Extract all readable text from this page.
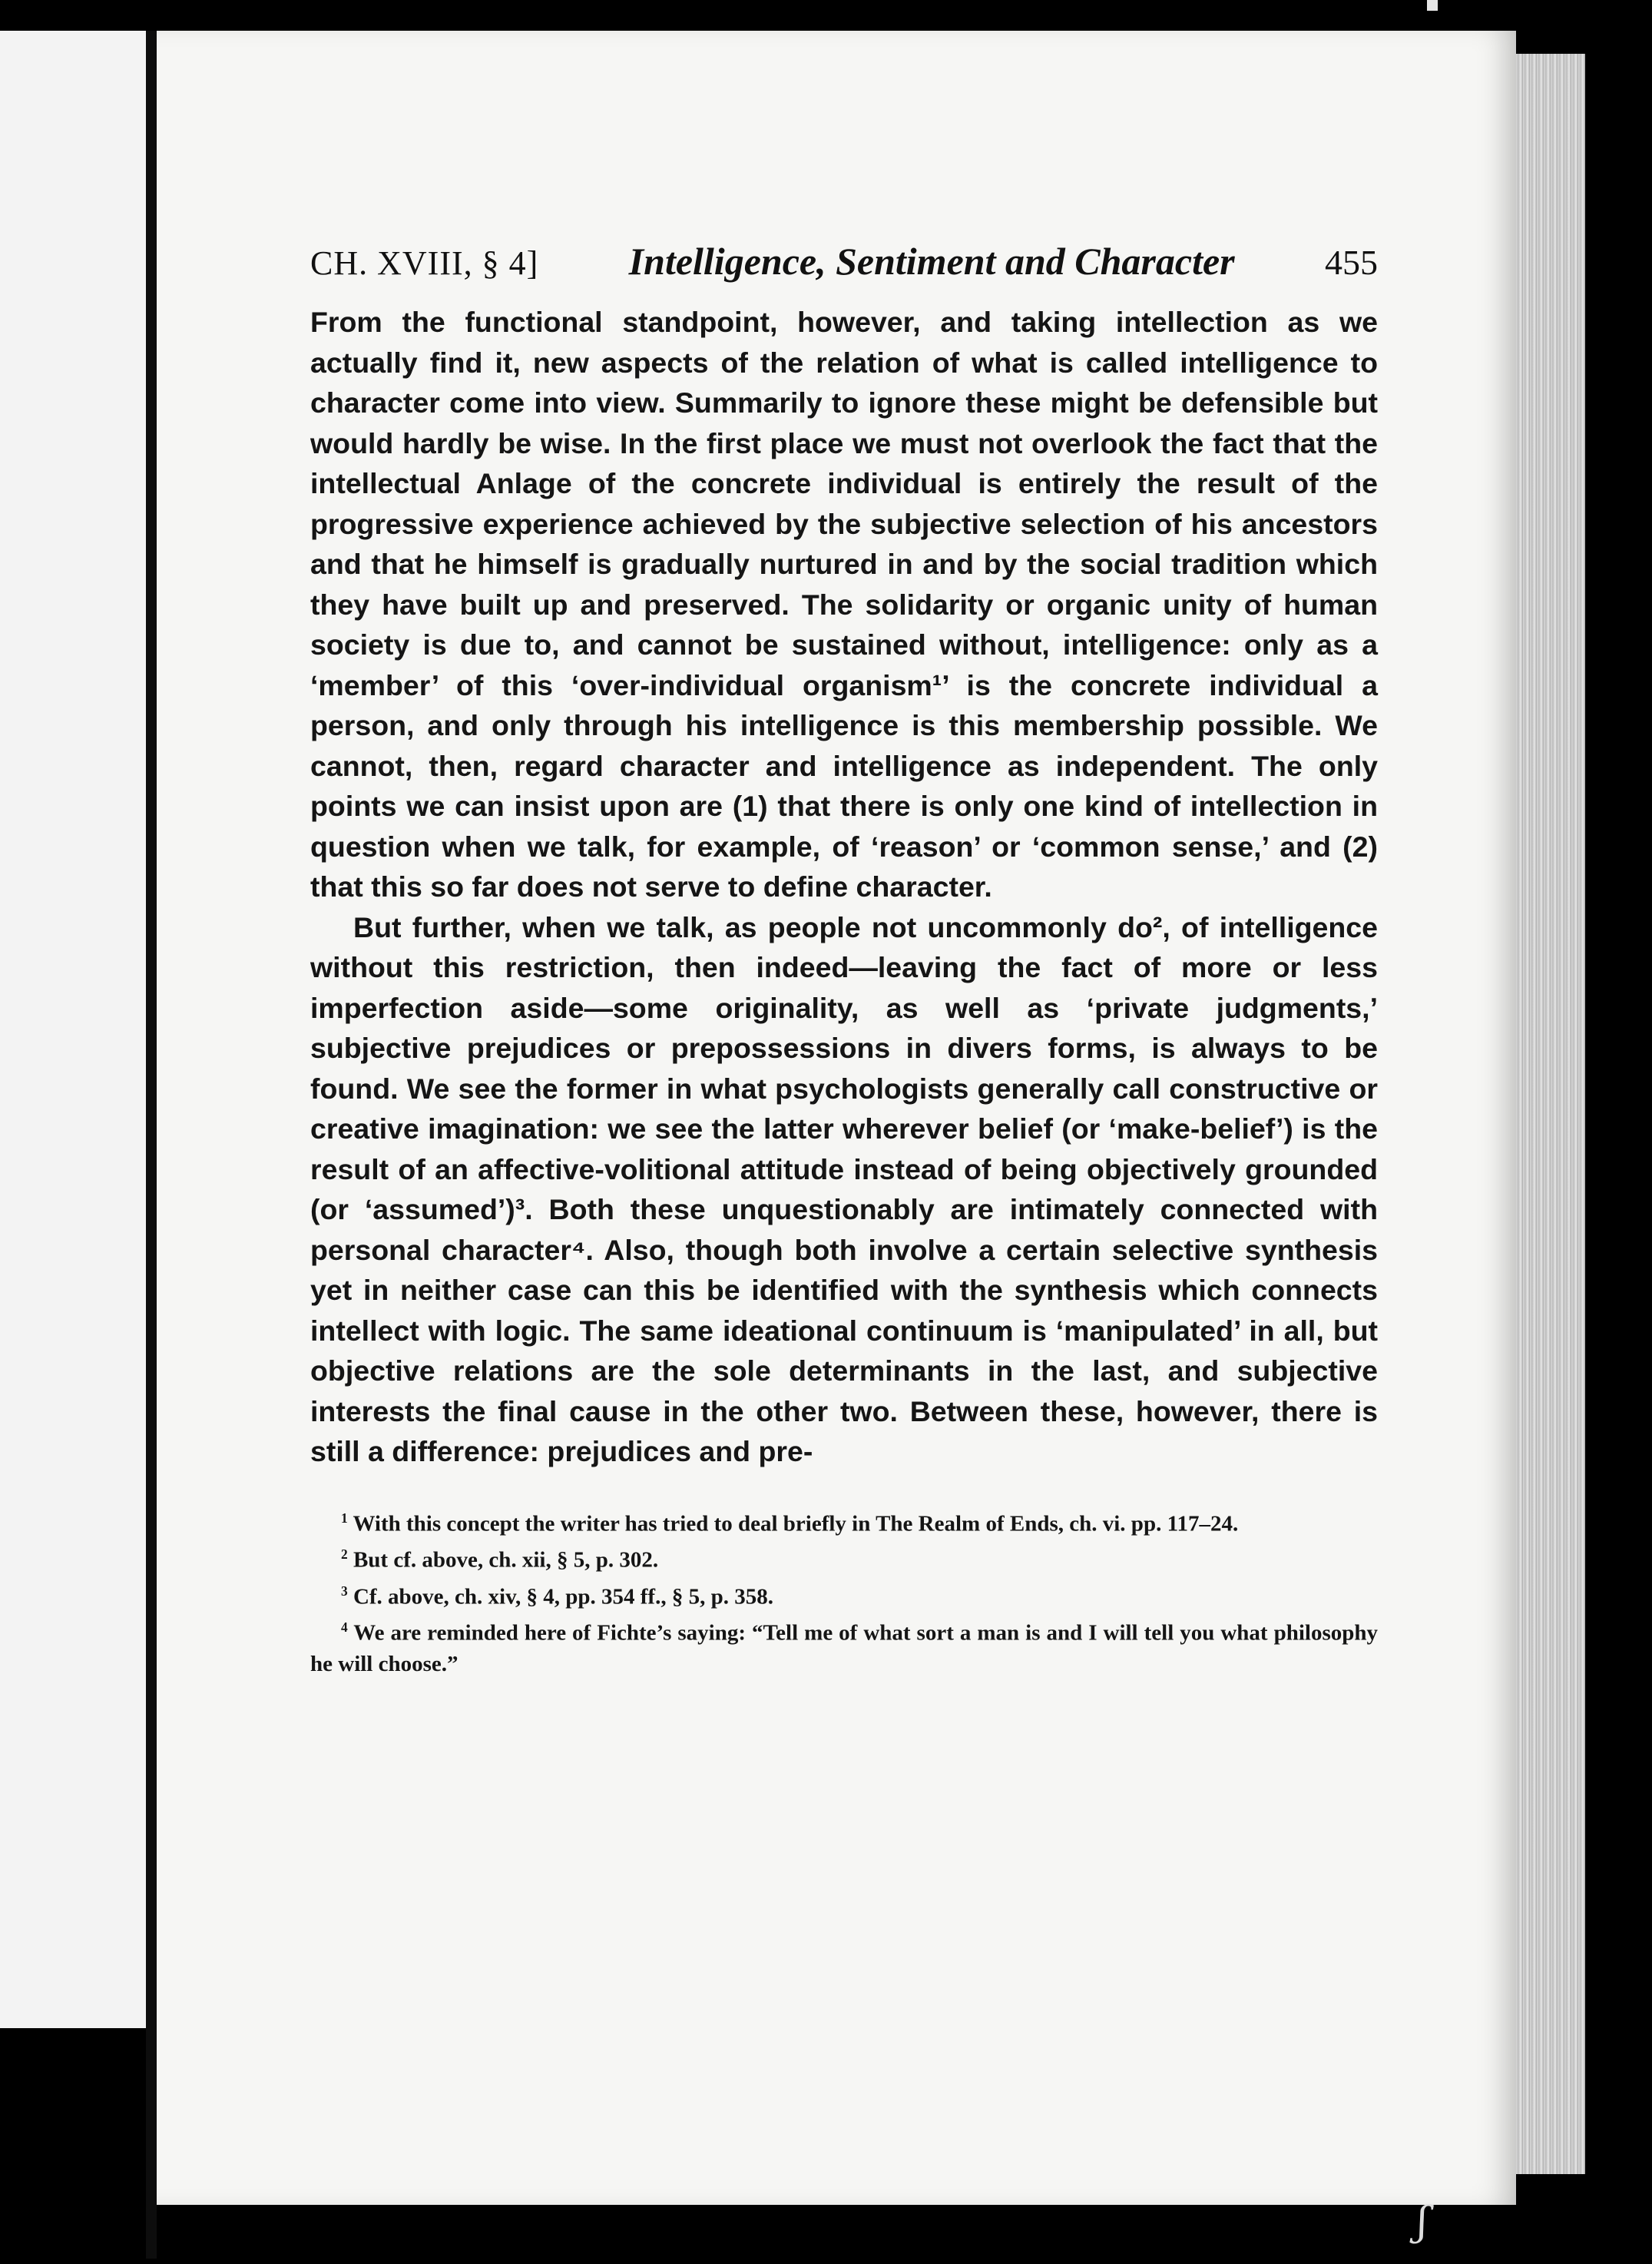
CH. XVIII, § 4] Intelligence, Sentiment and Character	455

From the functional standpoint, however, and taking intellection as we actually find it, new aspects of the relation of what is called intelligence to character come into view. Summarily to ignore these might be defensible but would hardly be wise. In the first place we must not overlook the fact that the intellectual Anlage of the concrete individual is entirely the result of the progressive experience achieved by the subjective selection of his ancestors and that he himself is gradually nurtured in and by the social tradition which they have built up and preserved. The solidarity or organic unity of human society is due to, and cannot be sustained without, intelligence: only as a ‘member’ of this ‘over-individual organism¹’ is the concrete individual a person, and only through his intelligence is this membership possible. We cannot, then, regard character and intelligence as independent. The only points we can insist upon are (1) that there is only one kind of intellection in question when we talk, for example, of ‘reason’ or ‘common sense,’ and (2) that this so far does not serve to define character.

But further, when we talk, as people not uncommonly do², of intelligence without this restriction, then indeed—leaving the fact of more or less imperfection aside—some originality, as well as ‘private judgments,’ subjective prejudices or prepossessions in divers forms, is always to be found. We see the former in what psychologists generally call constructive or creative imagination: we see the latter wherever belief (or ‘make-belief’) is the result of an affective-volitional attitude instead of being objectively grounded (or ‘assumed’)³. Both these unquestionably are intimately connected with personal character⁴. Also, though both involve a certain selective synthesis yet in neither case can this be identified with the synthesis which connects intellect with logic. The same ideational continuum is ‘manipulated’ in all, but objective relations are the sole determinants in the last, and subjective interests the final cause in the other two. Between these, however, there is still a difference: prejudices and pre-

$^1$ With this concept the writer has tried to deal briefly in The Realm of Ends, ch. vi. pp. 117–24.

$^2$ But cf. above, ch. xii, § 5, p. 302.

$^3$ Cf. above, ch. xiv, § 4, pp. 354 ff., § 5, p. 358.

$^4$ We are reminded here of Fichte’s saying: “Tell me of what sort a man is and I will tell you what philosophy he will choose.”

ʃ
